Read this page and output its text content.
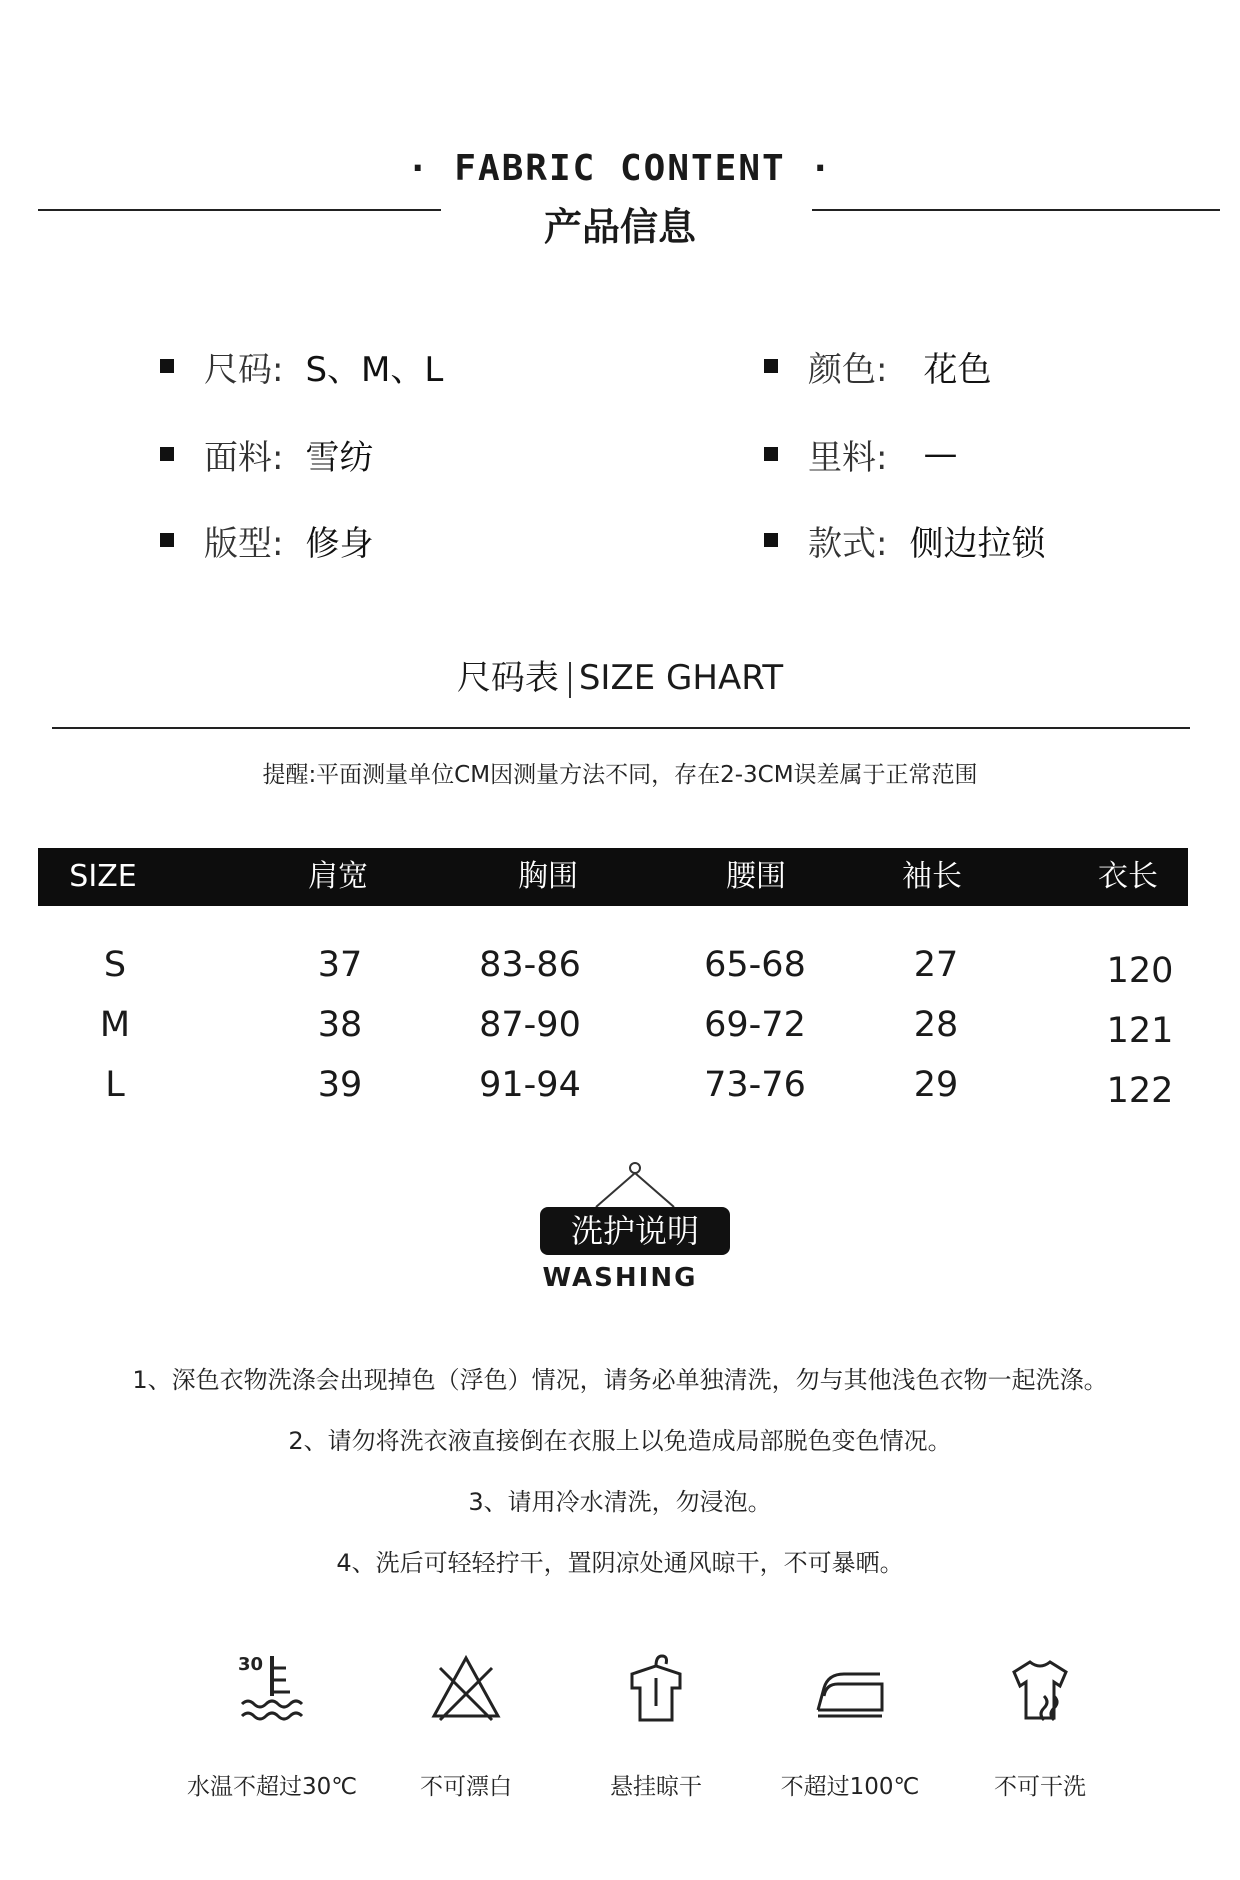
· FABRIC CONTENT ·
产品信息
尺码: S、M、L	颜色: 花色
面料: 雪纺	里料: —
版型: 修身	款式: 侧边拉锁
尺码表 SIZE GHART
提醒:平面测量单位CM因测量方法不同，存在2-3CM误差属于正常范围
SIZE	肩宽	胸围	腰围	袖长	衣长
S	37	83-86	65-68	27	120
M	38	87-90	69-72	28	121
L	39	91-94	73-76	29	122
洗护说明
WASHING
1、深色衣物洗涤会出现掉色（浮色）情况，请务必单独清洗，勿与其他浅色衣物一起洗涤。
2、请勿将洗衣液直接倒在衣服上以免造成局部脱色变色情况。
3、请用冷水清洗，勿浸泡。
4、洗后可轻轻拧干，置阴凉处通风晾干，不可暴晒。
30
水温不超过30℃	不可漂白	悬挂晾干	不超过100℃	不可干洗
